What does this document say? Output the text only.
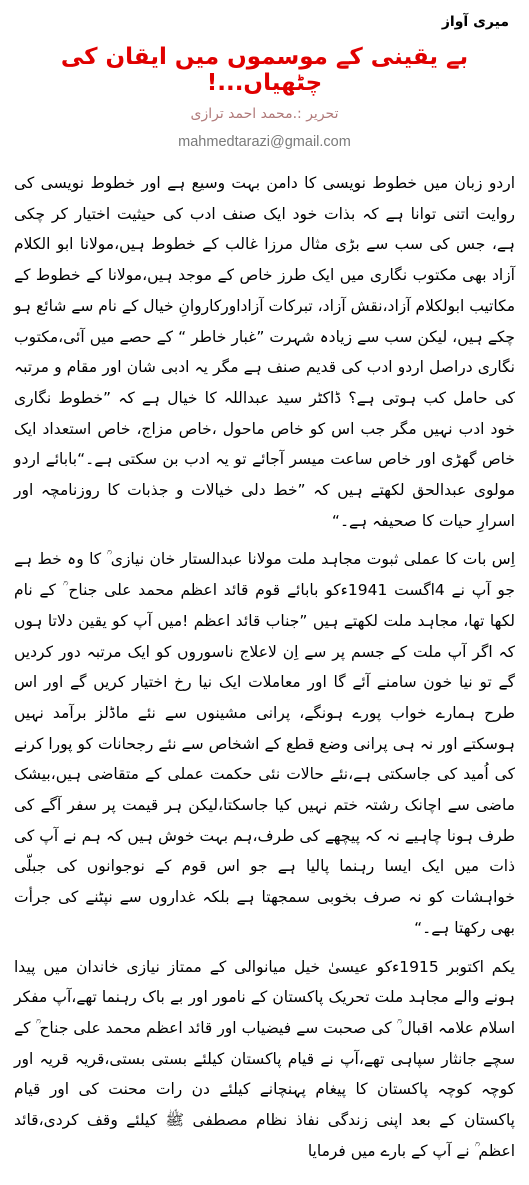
میری آواز
بے یقینی کے موسموں میں ایقان کی چٹھیاں...!
تحریر :.محمد احمد ترازی
mahmedtarazi@gmail.com

اردو زبان میں خطوط نویسی کا دامن بہت وسیع ہے اور خطوط نویسی کی روایت اتنی توانا ہے کہ بذات خود ایک صنف ادب کی حیثیت اختیار کر چکی ہے، جس کی سب سے بڑی مثال مرزا غالب کے خطوط ہیں،مولانا ابو الکلام آزاد بھی مکتوب نگاری میں ایک طرز خاص کے موجد ہیں،مولانا کے خطوط کے مکاتیب ابولکلام آزاد،نقش آزاد، تبرکات آزاداورکاروانِ خیال کے نام سے شائع ہو چکے ہیں، لیکن سب سے زیادہ شہرت ”غبار خاطر “ کے حصے میں آئی،مکتوب نگاری دراصل اردو ادب کی قدیم صنف ہے مگر یہ ادبی شان اور مقام و مرتبہ کی حامل کب ہوتی ہے؟ ڈاکٹر سید عبداللہ کا خیال ہے کہ ”خطوط نگاری خود ادب نہیں مگر جب اس کو خاص ماحول ،خاص مزاج، خاص استعداد ایک خاص گھڑی اور خاص ساعت میسر آجائے تو یہ ادب بن سکتی ہے۔“بابائے اردو مولوی عبدالحق لکھتے ہیں کہ ”خط دلی خیالات و جذبات کا روزنامچہ اور اسرارِ حیات کا صحیفہ ہے۔“

اِس بات کا عملی ثبوت مجاہد ملت مولانا عبدالستار خان نیازی ؒ کا وہ خط ہے جو آپ نے 4اگست 1941ءکو بابائے قوم قائد اعظم محمد علی جناح ؒ کے نام لکھا تھا، مجاہد ملت لکھتے ہیں ”جناب قائد اعظم !میں آپ کو یقین دلاتا ہوں کہ اگر آپ ملت کے جسم پر سے اِن لاعلاج ناسوروں کو ایک مرتبہ دور کردیں گے تو نیا خون سامنے آئے گا اور معاملات ایک نیا رخ اختیار کریں گے اور اس طرح ہمارے خواب پورے ہونگے، پرانی مشینوں سے نئے ماڈلز برآمد نہیں ہوسکتے اور نہ ہی پرانی وضع قطع کے اشخاص سے نئے رجحانات کو پورا کرنے کی اُمید کی جاسکتی ہے،نئے حالات نئی حکمت عملی کے متقاضی ہیں،بیشک ماضی سے اچانک رشتہ ختم نہیں کیا جاسکتا،لیکن ہر قیمت پر سفر آگے کی طرف ہونا چاہیے نہ کہ پیچھے کی طرف،ہم بہت خوش ہیں کہ ہم نے آپ کی ذات میں ایک ایسا رہنما پالیا ہے جو اس قوم کے نوجوانوں کی جبلّی خواہشات کو نہ صرف بخوبی سمجھتا ہے بلکہ غداروں سے نپٹنے کی جرأت بھی رکھتا ہے۔“

یکم اکتوبر 1915ءکو عیسیٰ خیل میانوالی کے ممتاز نیازی خاندان میں پیدا ہونے والے مجاہد ملت تحریک پاکستان کے نامور اور بے باک رہنما تھے،آپ مفکر اسلام علامہ اقبال ؒ کی صحبت سے فیضیاب اور قائد اعظم محمد علی جناح ؒ کے سچے جانثار سپاہی تھے،آپ نے قیام پاکستان کیلئے بستی بستی،قریہ قریہ اور کوچہ کوچہ پاکستان کا پیغام پہنچانے کیلئے دن رات محنت کی اور قیام پاکستان کے بعد اپنی زندگی نفاذ نظام مصطفی ﷺ کیلئے وقف کردی،قائد اعظم ؒ نے آپ کے بارے میں فرمایا
